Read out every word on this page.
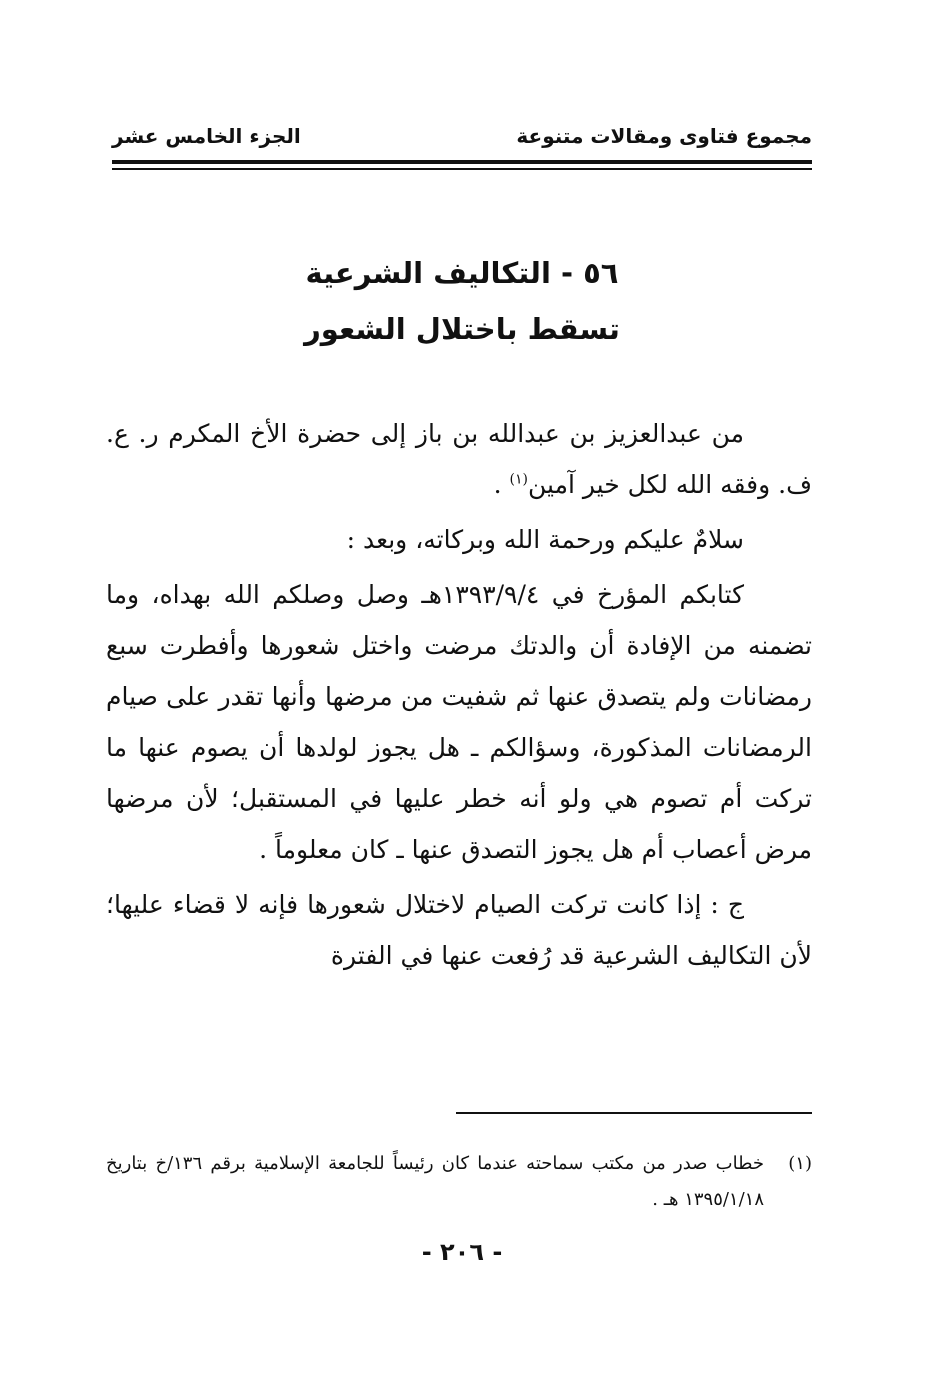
مجموع فتاوى ومقالات متنوعة
الجزء الخامس عشر
٥٦ - التكاليف الشرعية
تسقط باختلال الشعور

من عبدالعزيز بن عبدالله بن باز إلى حضرة الأخ المكرم ر. ع. ف. وفقه الله لكل خير آمين$^{(١)}$ .

سلامٌ عليكم ورحمة الله وبركاته، وبعد :

كتابكم المؤرخ في ١٣٩٣/٩/٤هـ وصل وصلكم الله بهداه، وما تضمنه من الإفادة أن والدتك مرضت واختل شعورها وأفطرت سبع رمضانات ولم يتصدق عنها ثم شفيت من مرضها وأنها تقدر على صيام الرمضانات المذكورة، وسؤالكم ـ هل يجوز لولدها أن يصوم عنها ما تركت أم تصوم هي ولو أنه خطر عليها في المستقبل؛ لأن مرضها مرض أعصاب أم هل يجوز التصدق عنها ـ كان معلوماً .

ج : إذا كانت تركت الصيام لاختلال شعورها فإنه لا قضاء عليها؛ لأن التكاليف الشرعية قد رُفعت عنها في الفترة

(١)
خطاب صدر من مكتب سماحته عندما كان رئيساً للجامعة الإسلامية برقم ١٣٦/خ بتاريخ ١٣٩٥/١/١٨ هـ .
- ٢٠٦ -
